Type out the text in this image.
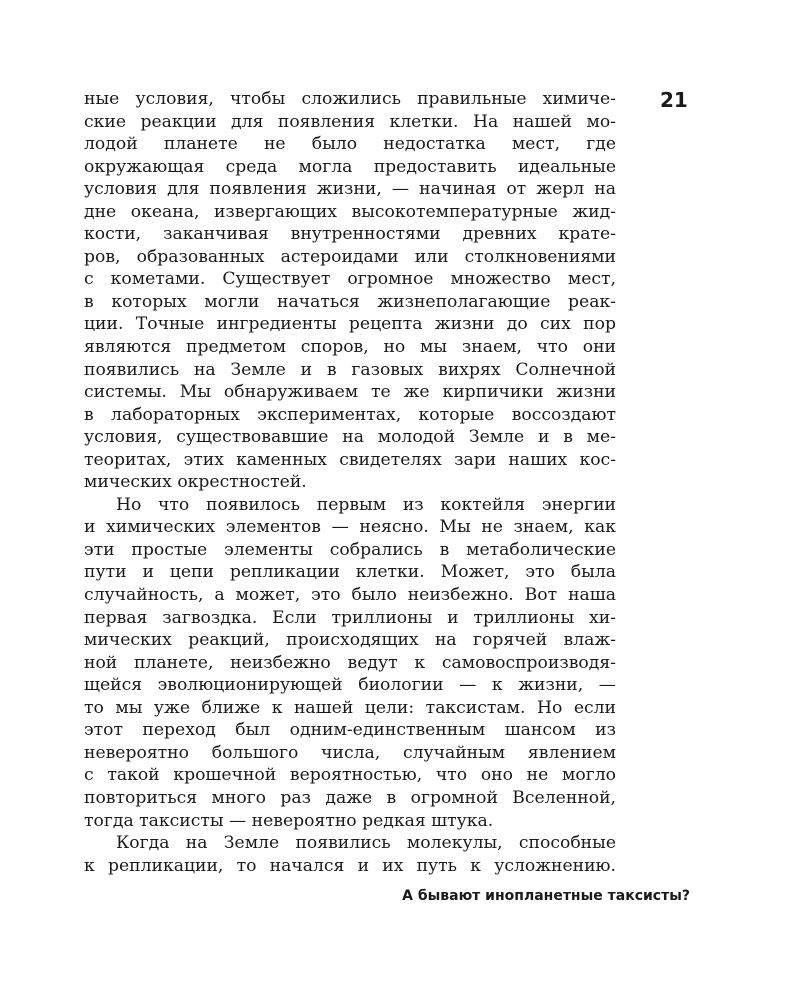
21
ные условия, чтобы сложились правильные химиче-
ские реакции для появления клетки. На нашей мо-
лодой планете не было недостатка мест, где
окружающая среда могла предоставить идеальные
условия для появления жизни, — начиная от жерл на
дне океана, извергающих высокотемпературные жид-
кости, заканчивая внутренностями древних крате-
ров, образованных астероидами или столкновениями
с кометами. Существует огромное множество мест,
в которых могли начаться жизнеполагающие реак-
ции. Точные ингредиенты рецепта жизни до сих пор
являются предметом споров, но мы знаем, что они
появились на Земле и в газовых вихрях Солнечной
системы. Мы обнаруживаем те же кирпичики жизни
в лабораторных экспериментах, которые воссоздают
условия, существовавшие на молодой Земле и в ме-
теоритах, этих каменных свидетелях зари наших кос-
мических окрестностей.
Но что появилось первым из коктейля энергии
и химических элементов — неясно. Мы не знаем, как
эти простые элементы собрались в метаболические
пути и цепи репликации клетки. Может, это была
случайность, а может, это было неизбежно. Вот наша
первая загвоздка. Если триллионы и триллионы хи-
мических реакций, происходящих на горячей влаж-
ной планете, неизбежно ведут к самовоспроизводя-
щейся эволюционирующей биологии — к жизни, —
то мы уже ближе к нашей цели: таксистам. Но если
этот переход был одним-единственным шансом из
невероятно большого числа, случайным явлением
с такой крошечной вероятностью, что оно не могло
повториться много раз даже в огромной Вселенной,
тогда таксисты — невероятно редкая штука.
Когда на Земле появились молекулы, способные
к репликации, то начался и их путь к усложнению.
А бывают инопланетные таксисты?
